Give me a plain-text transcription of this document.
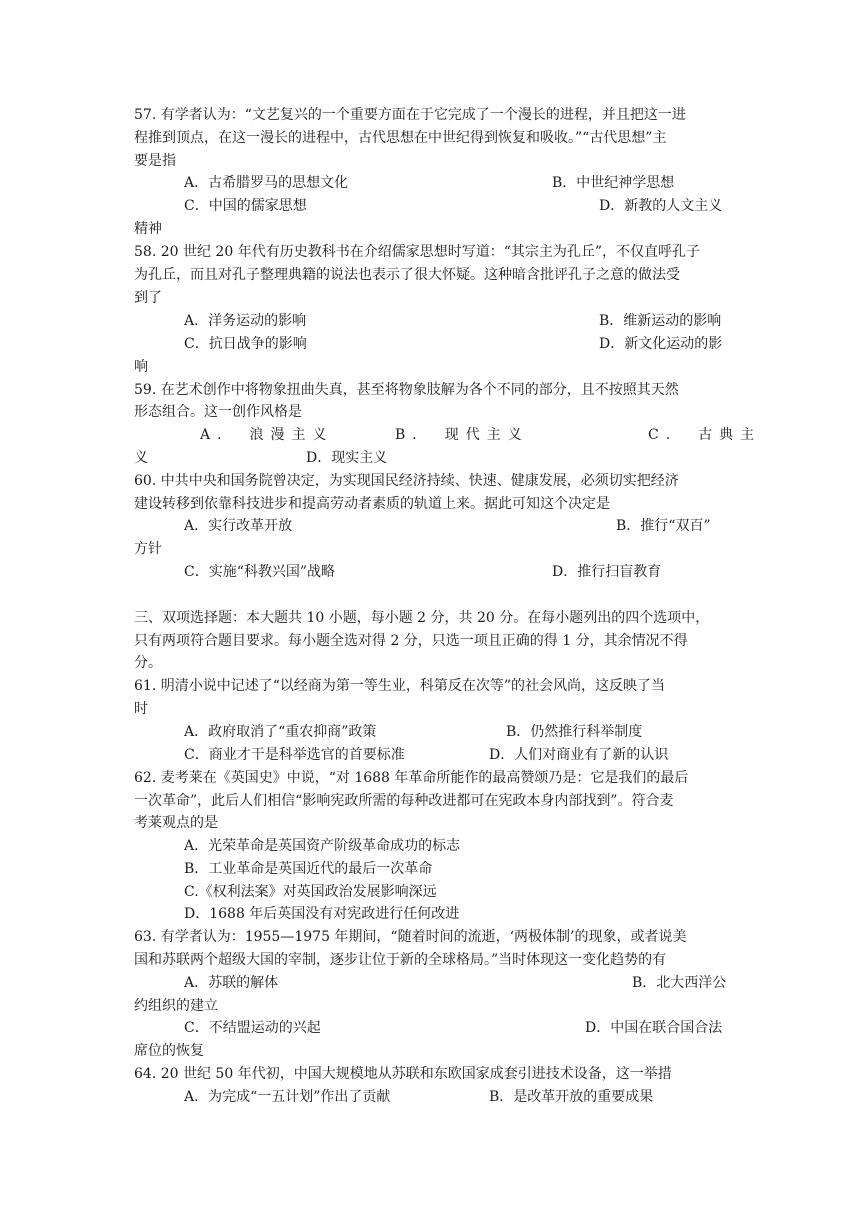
57. 有学者认为：“文艺复兴的一个重要方面在于它完成了一个漫长的进程，并且把这一进
程推到顶点，在这一漫长的进程中，古代思想在中世纪得到恢复和吸收。”“古代思想”主
要是指
A．古希腊罗马的思想文化	B．中世纪神学思想
C．中国的儒家思想	D．新教的人文主义
精神
58. 20 世纪 20 年代有历史教科书在介绍儒家思想时写道：“其宗主为孔丘”，不仅直呼孔子
为孔丘，而且对孔子整理典籍的说法也表示了很大怀疑。这种暗含批评孔子之意的做法受
到了
A．洋务运动的影响	B．维新运动的影响
C．抗日战争的影响	D．新文化运动的影
响
59. 在艺术创作中将物象扭曲失真，甚至将物象肢解为各个不同的部分，且不按照其天然
形态组合。这一创作风格是
A． 浪漫主义	B． 现代主义	C． 古典主
义	D．现实主义
60. 中共中央和国务院曾决定，为实现国民经济持续、快速、健康发展，必须切实把经济
建设转移到依靠科技进步和提高劳动者素质的轨道上来。据此可知这个决定是
A．实行改革开放	B．推行“双百”
方针
C．实施“科教兴国”战略	D．推行扫盲教育
三、双项选择题：本大题共 10 小题，每小题 2 分，共 20 分。在每小题列出的四个选项中，
只有两项符合题目要求。每小题全选对得 2 分，只选一项且正确的得 1 分，其余情况不得
分。
61. 明清小说中记述了“以经商为第一等生业，科第反在次等”的社会风尚，这反映了当
时
A．政府取消了“重农抑商”政策	B．仍然推行科举制度
C．商业才干是科举选官的首要标准	D．人们对商业有了新的认识
62. 麦考莱在《英国史》中说，“对 1688 年革命所能作的最高赞颂乃是：它是我们的最后
一次革命”，此后人们相信“影响宪政所需的每种改进都可在宪政本身内部找到”。符合麦
考莱观点的是
A．光荣革命是英国资产阶级革命成功的标志
B．工业革命是英国近代的最后一次革命
C.《权利法案》对英国政治发展影响深远
D．1688 年后英国没有对宪政进行任何改进
63. 有学者认为：1955—1975 年期间，“随着时间的流逝，‘两极体制’的现象，或者说美
国和苏联两个超级大国的宰制，逐步让位于新的全球格局。”当时体现这一变化趋势的有
A．苏联的解体	B．北大西洋公
约组织的建立
C．不结盟运动的兴起	D．中国在联合国合法
席位的恢复
64. 20 世纪 50 年代初，中国大规模地从苏联和东欧国家成套引进技术设备，这一举措
A．为完成“一五计划”作出了贡献	B．是改革开放的重要成果
